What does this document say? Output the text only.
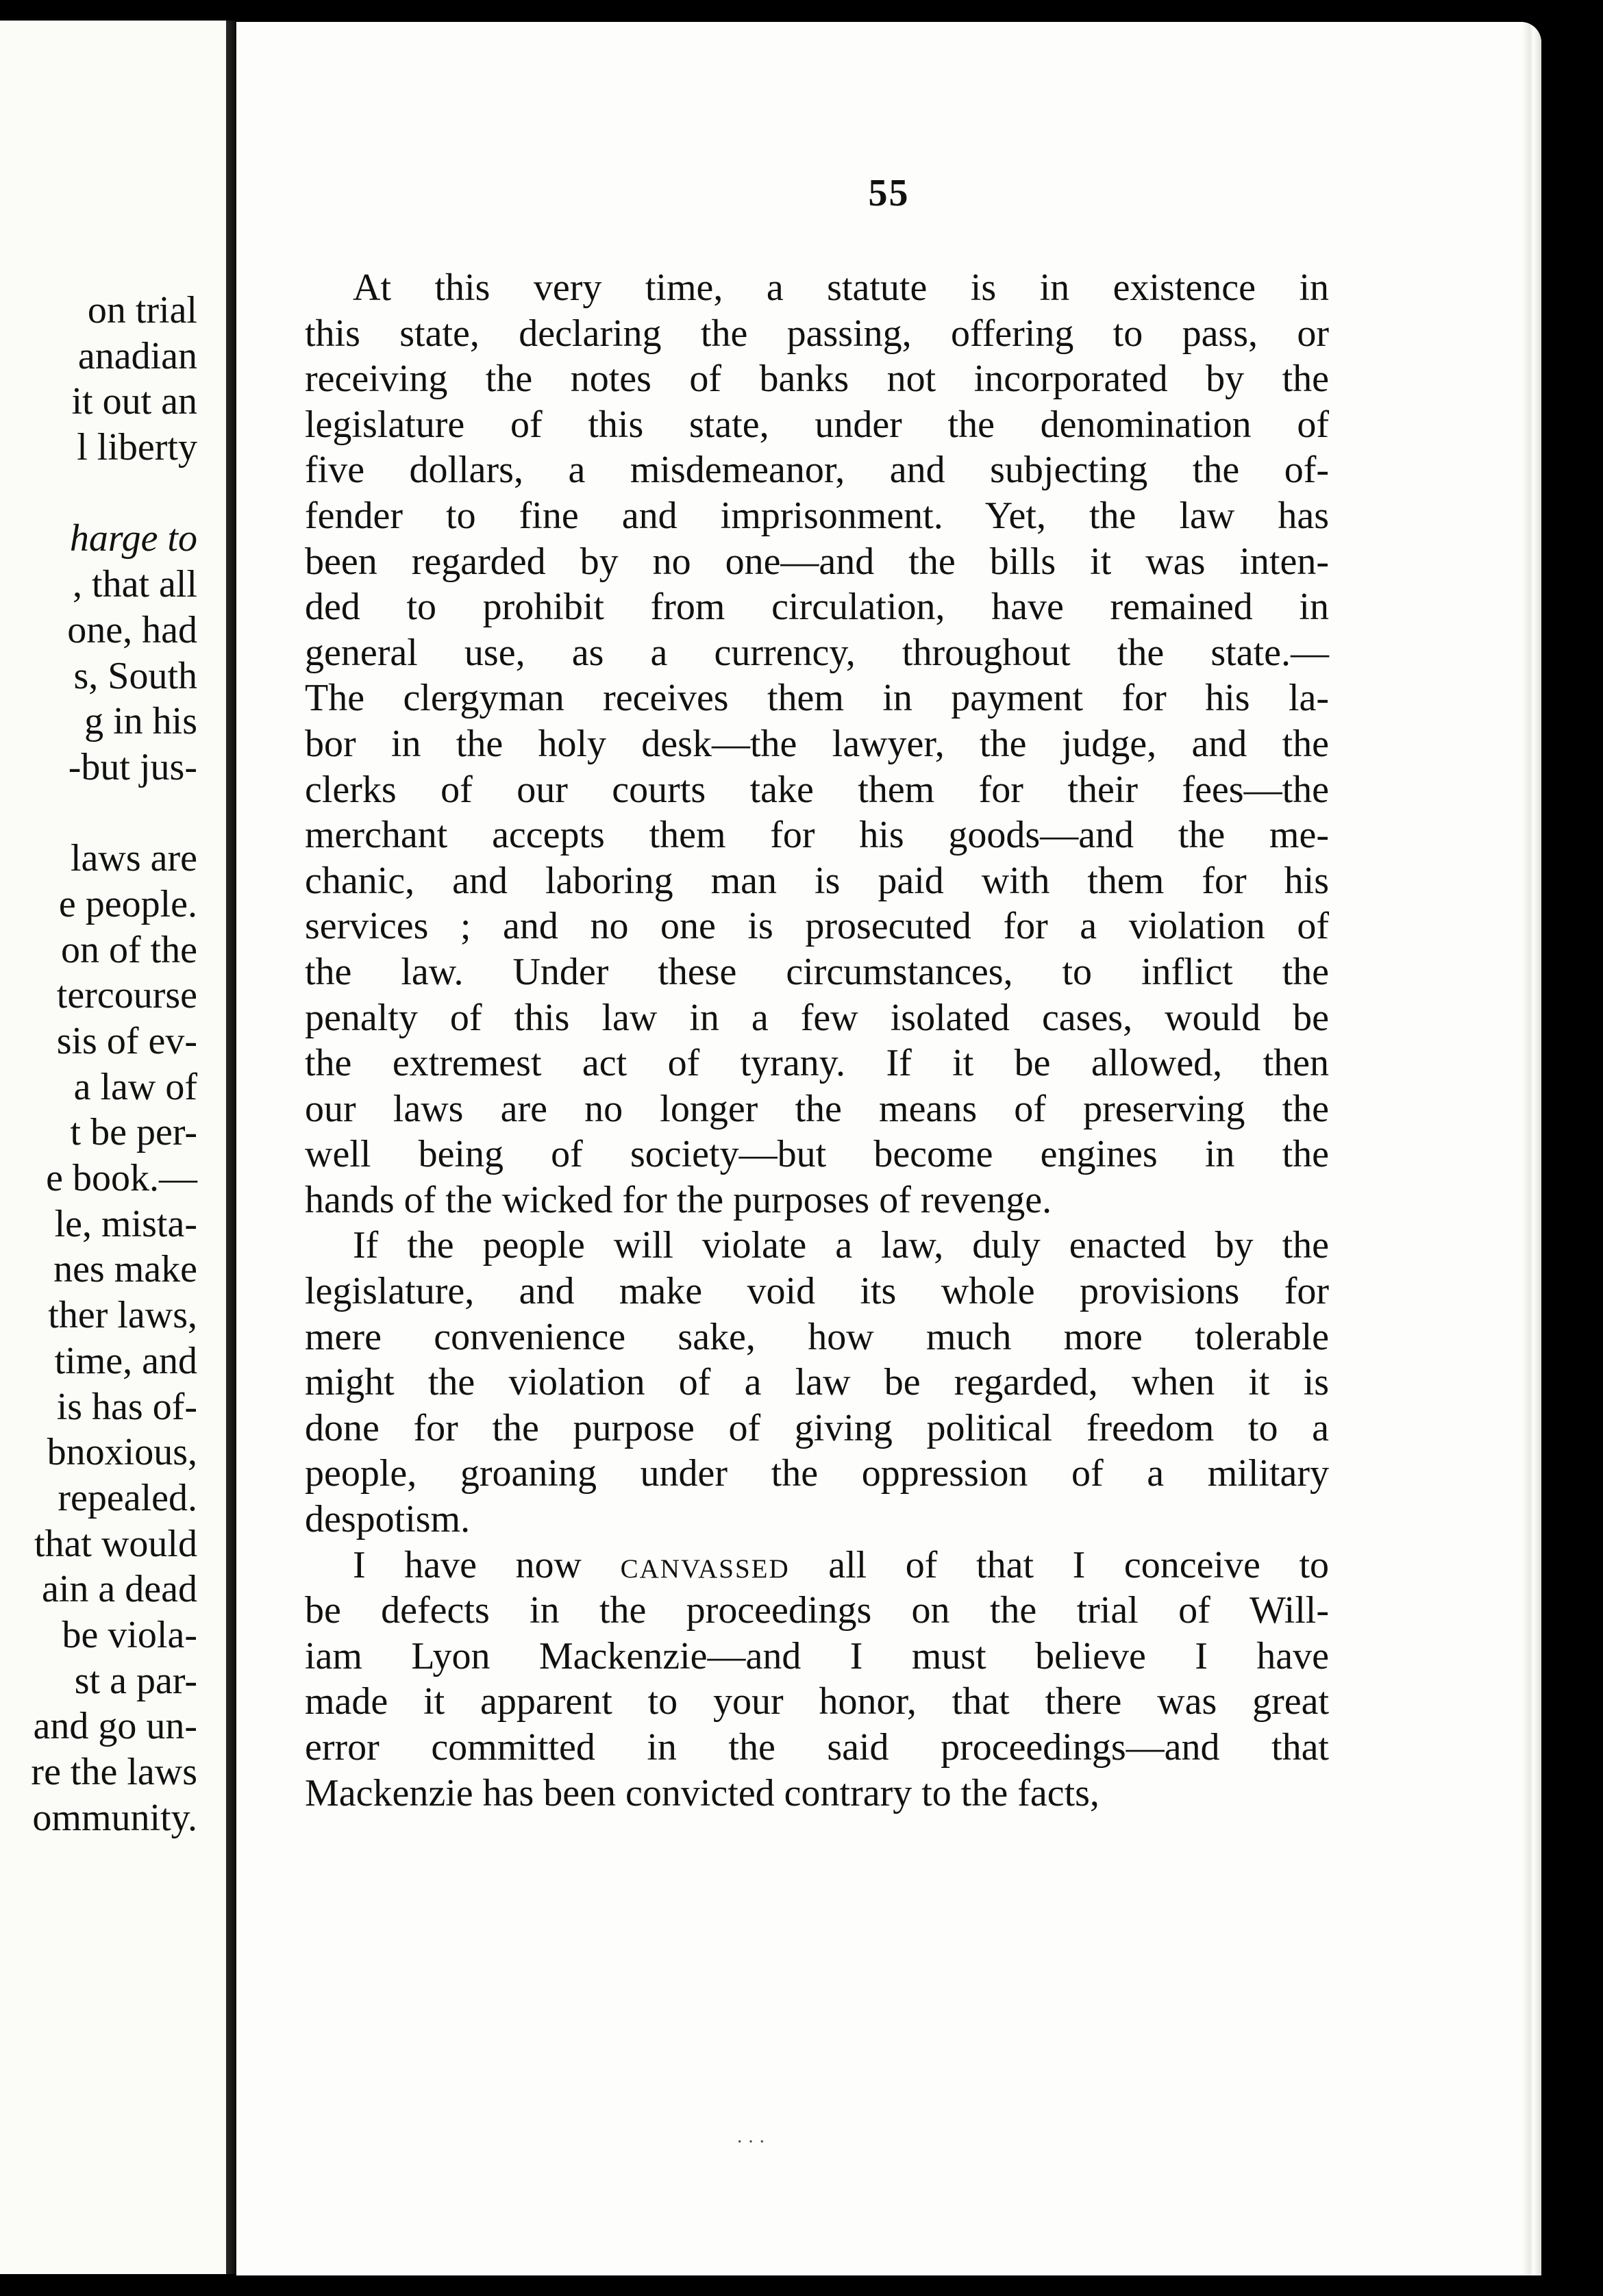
on trial
anadian
it out an
l liberty

harge to
, that all
one, had
s, South
g in his
-but jus-

laws are
e people.
on of the
tercourse
sis of ev-
a law of
t be per-
e book.—
le, mista-
nes make
ther laws,
time, and
is has of-
bnoxious,
repealed.
that would
ain a dead
be viola-
st a par-
and go un-
re the laws
ommunity.
55
At this very time, a statute is in existence in
this state, declaring the passing, offering to pass, or
receiving the notes of banks not incorporated by the
legislature of this state, under the denomination of
five dollars, a misdemeanor, and subjecting the of-
fender to fine and imprisonment. Yet, the law has
been regarded by no one—and the bills it was inten-
ded to prohibit from circulation, have remained in
general use, as a currency, throughout the state.—
The clergyman receives them in payment for his la-
bor in the holy desk—the lawyer, the judge, and the
clerks of our courts take them for their fees—the
merchant accepts them for his goods—and the me-
chanic, and laboring man is paid with them for his
services ; and no one is prosecuted for a violation of
the law. Under these circumstances, to inflict the
penalty of this law in a few isolated cases, would be
the extremest act of tyrany. If it be allowed, then
our laws are no longer the means of preserving the
well being of society—but become engines in the
hands of the wicked for the purposes of revenge.
If the people will violate a law, duly enacted by the
legislature, and make void its whole provisions for
mere convenience sake, how much more tolerable
might the violation of a law be regarded, when it is
done for the purpose of giving political freedom to a
people, groaning under the oppression of a military
despotism.
I have now canvassed all of that I conceive to
be defects in the proceedings on the trial of Will-
iam Lyon Mackenzie—and I must believe I have
made it apparent to your honor, that there was great
error committed in the said proceedings—and that
Mackenzie has been convicted contrary to the facts,
· · ·
